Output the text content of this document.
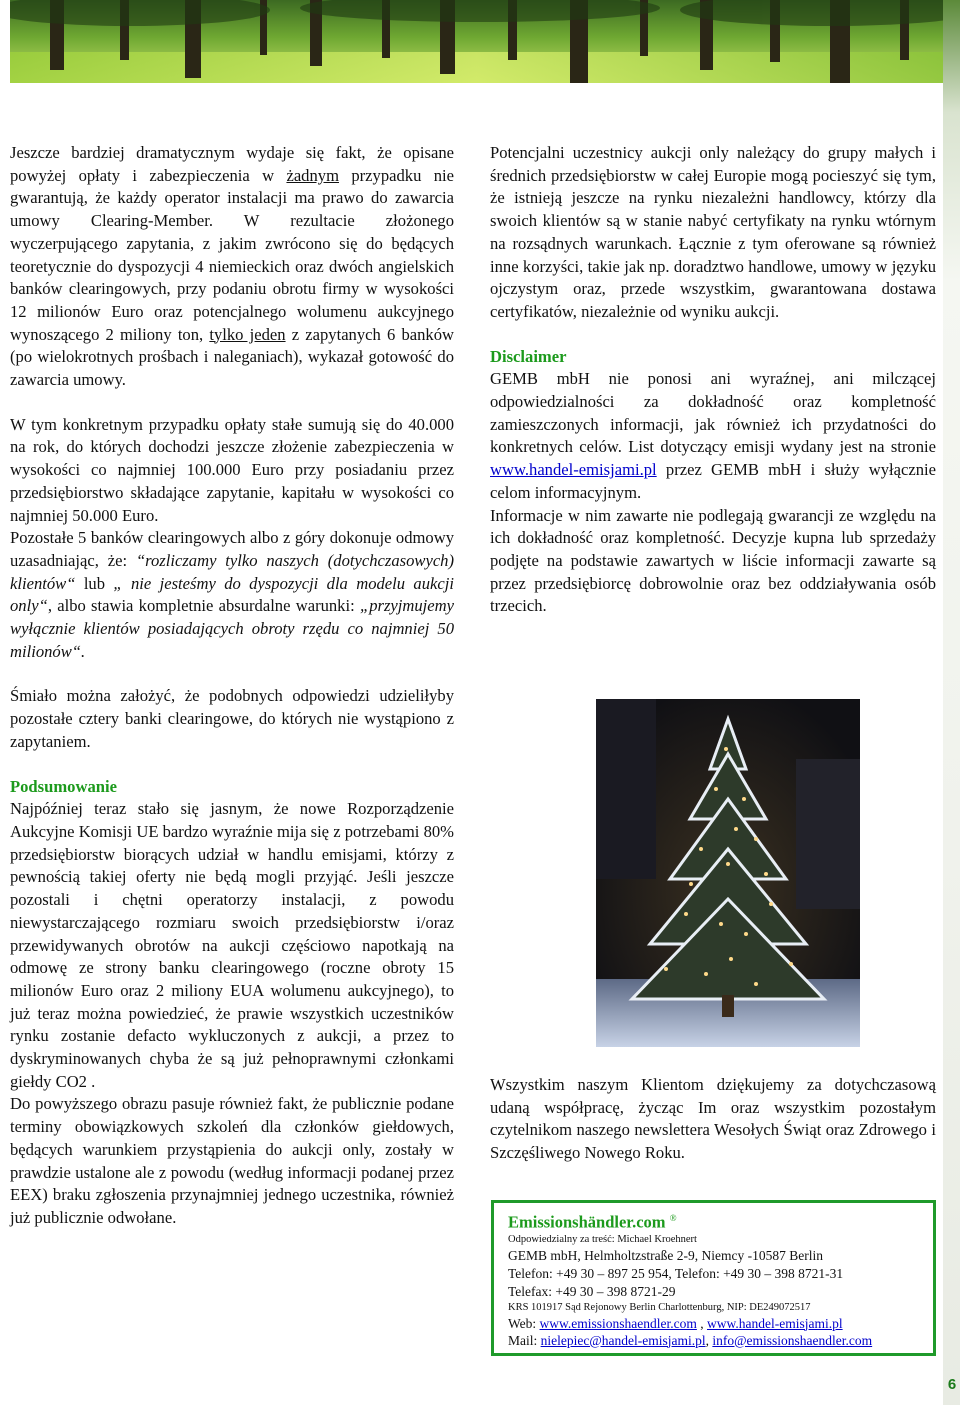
6

Jeszcze bardziej dramatycznym wydaje się fakt, że opisane powyżej opłaty i zabezpieczenia w żadnym przypadku nie gwarantują, że każdy operator instalacji ma prawo do zawarcia umowy Clearing-Member. W rezultacie złożonego wyczerpującego zapytania, z jakim zwrócono się do będących teoretycznie do dyspozycji 4 niemieckich oraz dwóch angielskich banków clearingowych, przy podaniu obrotu firmy w wysokości 12 milionów Euro oraz potencjalnego wolumenu aukcyjnego wynoszącego 2 miliony ton, tylko jeden z zapytanych 6 banków (po wielokrotnych prośbach i naleganiach), wykazał gotowość do zawarcia umowy.

W tym konkretnym przypadku opłaty stałe sumują się do 40.000 na rok, do których dochodzi jeszcze złożenie zabezpieczenia w wysokości co najmniej 100.000 Euro przy posiadaniu przez przedsiębiorstwo składające zapytanie, kapitału w wysokości co najmniej 50.000 Euro.

Pozostałe 5 banków clearingowych albo z góry dokonuje odmowy uzasadniając, że: “rozliczamy tylko naszych (dotychczasowych) klientów“ lub „ nie jesteśmy do dyspozycji dla modelu aukcji only“, albo stawia kompletnie absurdalne warunki: „przyjmujemy wyłącznie klientów posiadających obroty rzędu co najmniej 50 milionów“.

Śmiało można założyć, że podobnych odpowiedzi udzieliłyby pozostałe cztery banki clearingowe, do których nie wystąpiono z zapytaniem.

Podsumowanie

Najpóźniej teraz stało się jasnym, że nowe Rozporządzenie Aukcyjne Komisji UE bardzo wyraźnie mija się z potrzebami 80% przedsiębiorstw biorących udział w handlu emisjami, którzy z pewnością takiej oferty nie będą mogli przyjąć. Jeśli jeszcze pozostali i chętni operatorzy instalacji, z powodu niewystarczającego rozmiaru swoich przedsiębiorstw i/oraz przewidywanych obrotów na aukcji częściowo napotkają na odmowę ze strony banku clearingowego (roczne obroty 15 milionów Euro oraz 2 miliony EUA wolumenu aukcyjnego), to już teraz można powiedzieć, że prawie wszystkich uczestników rynku zostanie defacto wykluczonych z aukcji, a przez to dyskryminowanych chyba że są już pełnoprawnymi członkami giełdy CO2 .

Do powyższego obrazu pasuje również fakt, że publicznie podane terminy obowiązkowych szkoleń dla członków giełdowych, będących warunkiem przystąpienia do aukcji only, zostały w prawdzie ustalone ale z powodu (według informacji podanej przez EEX) braku zgłoszenia przynajmniej jednego uczestnika, również już publicznie odwołane.

Potencjalni uczestnicy aukcji only należący do grupy małych i średnich przedsiębiorstw w całej Europie mogą pocieszyć się tym, że istnieją jeszcze na rynku niezależni handlowcy, którzy dla swoich klientów są w stanie nabyć certyfikaty na rynku wtórnym na rozsądnych warunkach. Łącznie z tym oferowane są również inne korzyści, takie jak np. doradztwo handlowe, umowy w języku ojczystym oraz, przede wszystkim, gwarantowana dostawa certyfikatów, niezależnie od wyniku aukcji.

Disclaimer

GEMB mbH nie ponosi ani wyraźnej, ani milczącej odpowiedzialności za dokładność oraz kompletność zamieszczonych informacji, jak również ich przydatności do konkretnych celów. List dotyczący emisji wydany jest na stronie www.handel-emisjami.pl przez GEMB mbH i służy wyłącznie celom informacyjnym.

Informacje w nim zawarte nie podlegają gwarancji ze względu na ich dokładność oraz kompletność. Decyzje kupna lub sprzedaży podjęte na podstawie zawartych w liście informacji zawarte są przez przedsiębiorcę dobrowolnie oraz bez oddziaływania osób trzecich.

Wszystkim naszym Klientom dziękujemy za dotychczasową udaną współpracę, życząc Im oraz wszystkim pozostałym czytelnikom naszego newslettera Wesołych Świąt oraz Zdrowego i Szczęśliwego Nowego Roku.
Emissionshändler.com ®
Odpowiedzialny za treść: Michael Kroehnert
GEMB mbH, Helmholtzstraße 2-9, Niemcy -10587 Berlin
Telefon: +49 30 – 897 25 954, Telefon: +49 30 – 398 8721-31
Telefax: +49 30 – 398 8721-29
KRS 101917 Sąd Rejonowy Berlin Charlottenburg, NIP: DE249072517
Web: www.emissionshaendler.com , www.handel-emisjami.pl
Mail: nielepiec@handel-emisjami.pl, info@emissionshaendler.com
